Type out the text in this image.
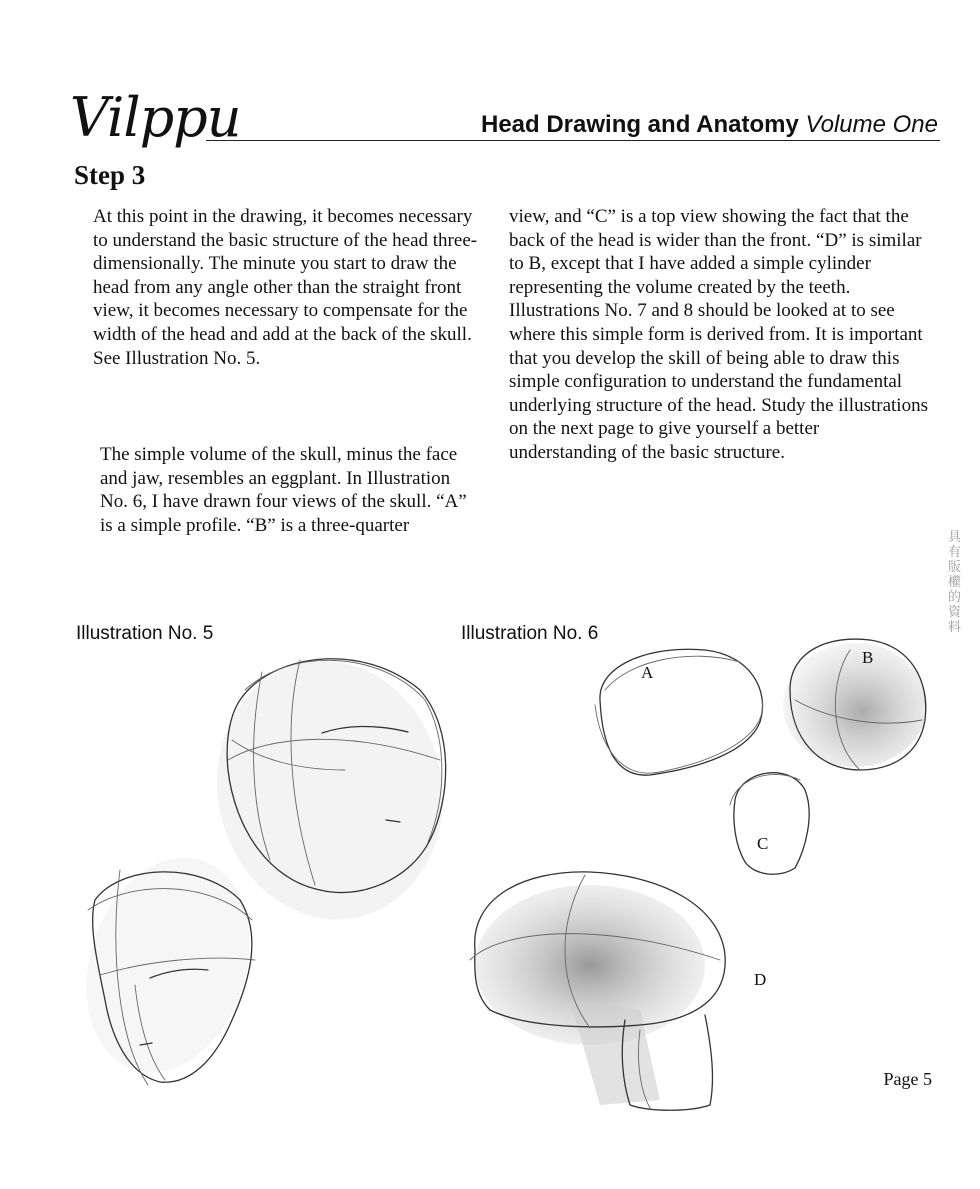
Vilppu	Head Drawing and Anatomy Volume One
Step 3

At this point in the drawing, it becomes necessary to understand the basic structure of the head three-dimensionally. The minute you start to draw the head from any angle other than the straight front view, it becomes necessary to compensate for the width of the head and add at the back of the skull. See Illustration No. 5.

The simple volume of the skull, minus the face and jaw, resembles an eggplant. In Illustration No. 6, I have drawn four views of the skull. “A” is a simple profile. “B” is a three-quarter

view, and “C” is a top view showing the fact that the back of the head is wider than the front. “D” is similar to B, except that I have added a simple cylinder representing the volume created by the teeth. Illustrations No. 7 and 8 should be looked at to see where this simple form is derived from. It is important that you develop the skill of being able to draw this simple configuration to understand the fundamental underlying structure of the head. Study the illustrations on the next page to give yourself a better understanding of the basic structure.

Illustration No. 5	Illustration No. 6
具有版權的資料
Page 5
A
B
C
D
